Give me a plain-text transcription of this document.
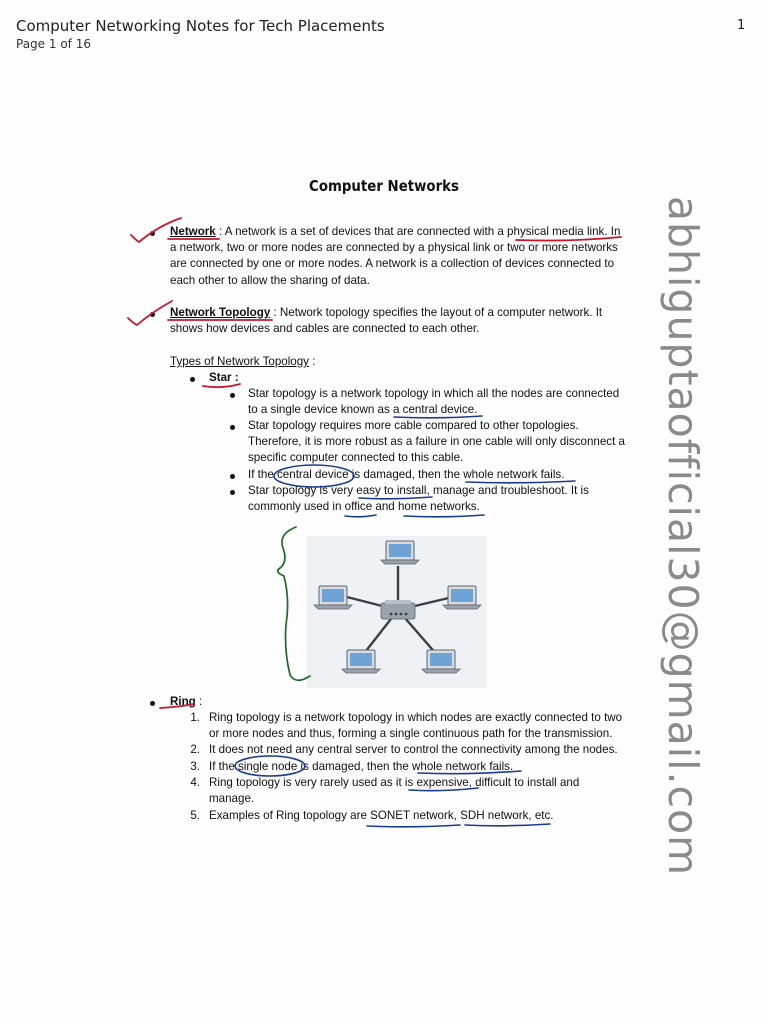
Computer Networking Notes for Tech Placements
Page 1 of 16
1
Computer Networks
Network : A network is a set of devices that are connected with a physical media link. In
a network, two or more nodes are connected by a physical link or two or more networks
are connected by one or more nodes. A network is a collection of devices connected to
each other to allow the sharing of data.
Network Topology : Network topology specifies the layout of a computer network. It
shows how devices and cables are connected to each other.
Types of Network Topology :
Star :
Star topology is a network topology in which all the nodes are connected
to a single device known as a central device.
Star topology requires more cable compared to other topologies.
Therefore, it is more robust as a failure in one cable will only disconnect a
specific computer connected to this cable.
If the central device is damaged, then the whole network fails.
Star topology is very easy to install, manage and troubleshoot. It is
commonly used in office and home networks.
Ring :
1. Ring topology is a network topology in which nodes are exactly connected to two
or more nodes and thus, forming a single continuous path for the transmission.
2. It does not need any central server to control the connectivity among the nodes.
3. If the single node is damaged, then the whole network fails.
4. Ring topology is very rarely used as it is expensive, difficult to install and
manage.
5. Examples of Ring topology are SONET network, SDH network, etc.	abhiguptaofficial30@gmail.com
